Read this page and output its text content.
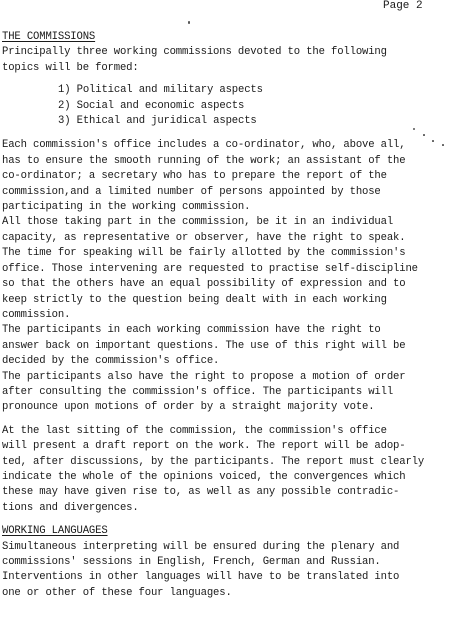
Page 2
THE COMMISSIONS
Principally three working commissions devoted to the following
topics will be formed:
1) Political and military aspects
2) Social and economic aspects
3) Ethical and juridical aspects
Each commission's office includes a co-ordinator, who, above all,
has to ensure the smooth running of the work; an assistant of the
co-ordinator; a secretary who has to prepare the report of the
commission,and a limited number of persons appointed by those
participating in the working commission.
All those taking part in the commission, be it in an individual
capacity, as representative or observer, have the right to speak.
The time for speaking will be fairly allotted by the commission's
office. Those intervening are requested to practise self-discipline
so that the others have an equal possibility of expression and to
keep strictly to the question being dealt with in each working
commission.
The participants in each working commission have the right to
answer back on important questions. The use of this right will be
decided by the commission's office.
The participants also have the right to propose a motion of order
after consulting the commission's office. The participants will
pronounce upon motions of order by a straight majority vote.
At the last sitting of the commission, the commission's office
will present a draft report on the work. The report will be adop-
ted, after discussions, by the participants. The report must clearly
indicate the whole of the opinions voiced, the convergences which
these may have given rise to, as well as any possible contradic-
tions and divergences.
WORKING LANGUAGES
Simultaneous interpreting will be ensured during the plenary and
commissions' sessions in English, French, German and Russian.
Interventions in other languages will have to be translated into
one or other of these four languages.
